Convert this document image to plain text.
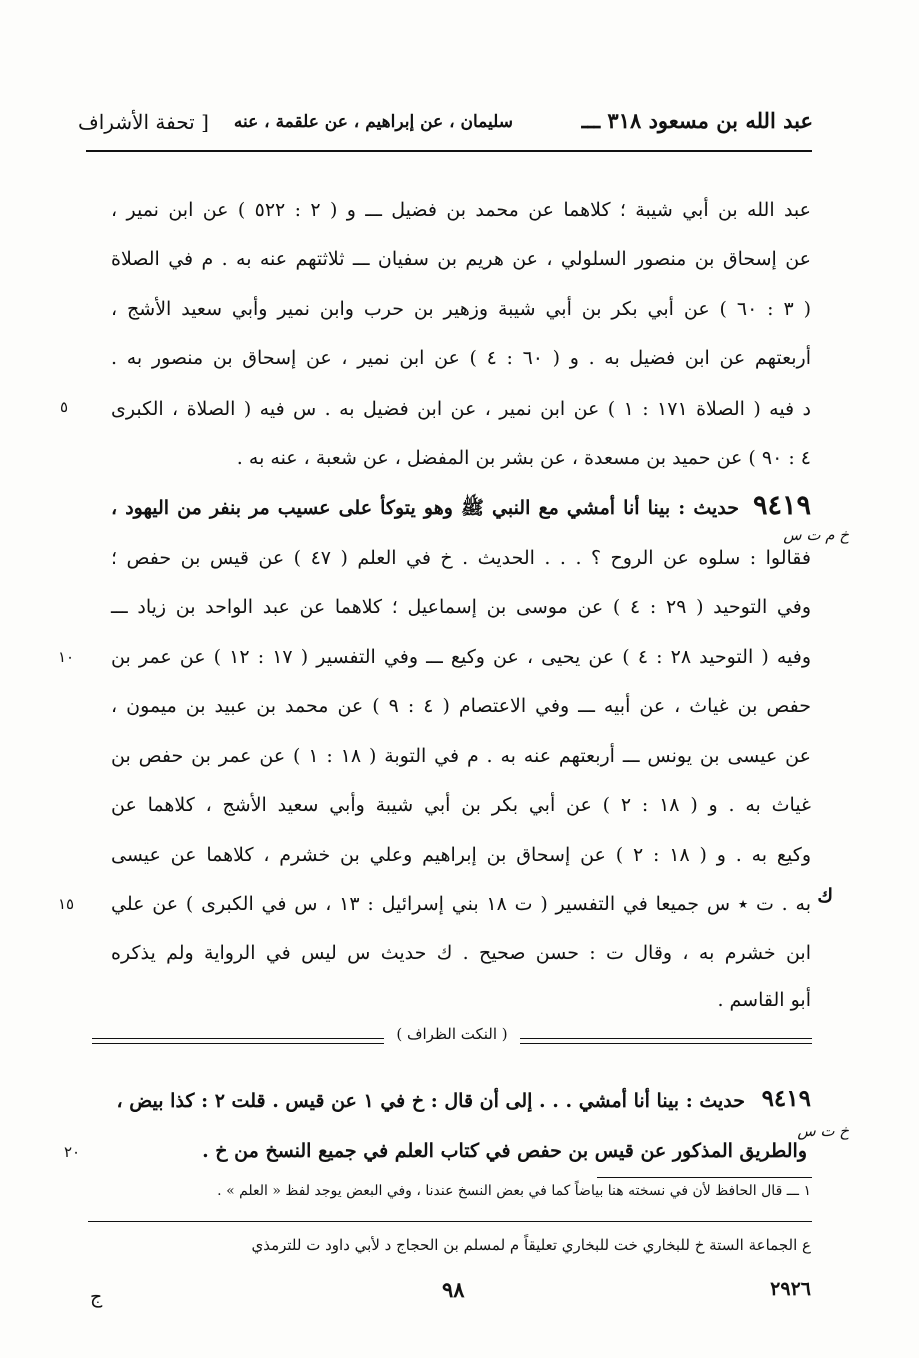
عبد الله بن مسعود ٣١٨ ـــ
سليمان ، عن إبراهيم ، عن علقمة ، عنه
[ تحفة الأشراف
عبد الله بن أبي شيبة ؛ كلاهما عن محمد بن فضيل ـــ و ( ٢ : ٥٢٢ ) عن ابن نمير ،
عن إسحاق بن منصور السلولي ، عن هريم بن سفيان ـــ ثلاثتهم عنه به . م في الصلاة
( ٣ : ٦٠ ) عن أبي بكر بن أبي شيبة وزهير بن حرب وابن نمير وأبي سعيد الأشج ،
أربعتهم عن ابن فضيل به . و ( ٦٠ : ٤ ) عن ابن نمير ، عن إسحاق بن منصور به .
د فيه ( الصلاة ١٧١ : ١ ) عن ابن نمير ، عن ابن فضيل به . س فيه ( الصلاة ، الكبرى
٥
٤ : ٩٠ ) عن حميد بن مسعدة ، عن بشر بن المفضل ، عن شعبة ، عنه به .
٩٤١٩
حديث : بينا أنا أمشي مع النبي ﷺ وهو يتوكأ على عسيب مر بنفر من اليهود ،
خ م ت س
فقالوا : سلوه عن الروح ؟ . . . الحديث . خ في العلم ( ٤٧ ) عن قيس بن حفص ؛
وفي التوحيد ( ٢٩ : ٤ ) عن موسى بن إسماعيل ؛ كلاهما عن عبد الواحد بن زياد ـــ
وفيه ( التوحيد ٢٨ : ٤ ) عن يحيى ، عن وكيع ـــ وفي التفسير ( ١٧ : ١٢ ) عن عمر بن
١٠
حفص بن غياث ، عن أبيه ـــ وفي الاعتصام ( ٤ : ٩ ) عن محمد بن عبيد بن ميمون ،
عن عيسى بن يونس ـــ أربعتهم عنه به . م في التوبة ( ١٨ : ١ ) عن عمر بن حفص بن
غياث به . و ( ١٨ : ٢ ) عن أبي بكر بن أبي شيبة وأبي سعيد الأشج ، كلاهما عن
وكيع به . و ( ١٨ : ٢ ) عن إسحاق بن إبراهيم وعلي بن خشرم ، كلاهما عن عيسى
ك
به . ت ٭ س جميعا في التفسير ( ت ١٨ بني إسرائيل : ١٣ ، س في الكبرى ) عن علي
١٥
ابن خشرم به ، وقال ت : حسن صحيح . ك حديث س ليس في الرواية ولم يذكره
أبو القاسم .
( النكت الظراف )
٩٤١٩
حديث : بينا أنا أمشي . . . إلى أن قال : خ في ١ عن قيس . قلت ٢ : كذا بيض ،
خ ت س
والطريق المذكور عن قيس بن حفص في كتاب العلم في جميع النسخ من خ .
٢٠
١ ـــ قال الحافظ لأن في نسخته هنا بياضاً كما في بعض النسخ عندنا ، وفي البعض يوجد لفظ « العلم » .
ع الجماعة الستة خ للبخاري خت للبخاري تعليقاً م لمسلم بن الحجاج د لأبي داود ت للترمذي
٩٨	٢٩٢٦
ج
